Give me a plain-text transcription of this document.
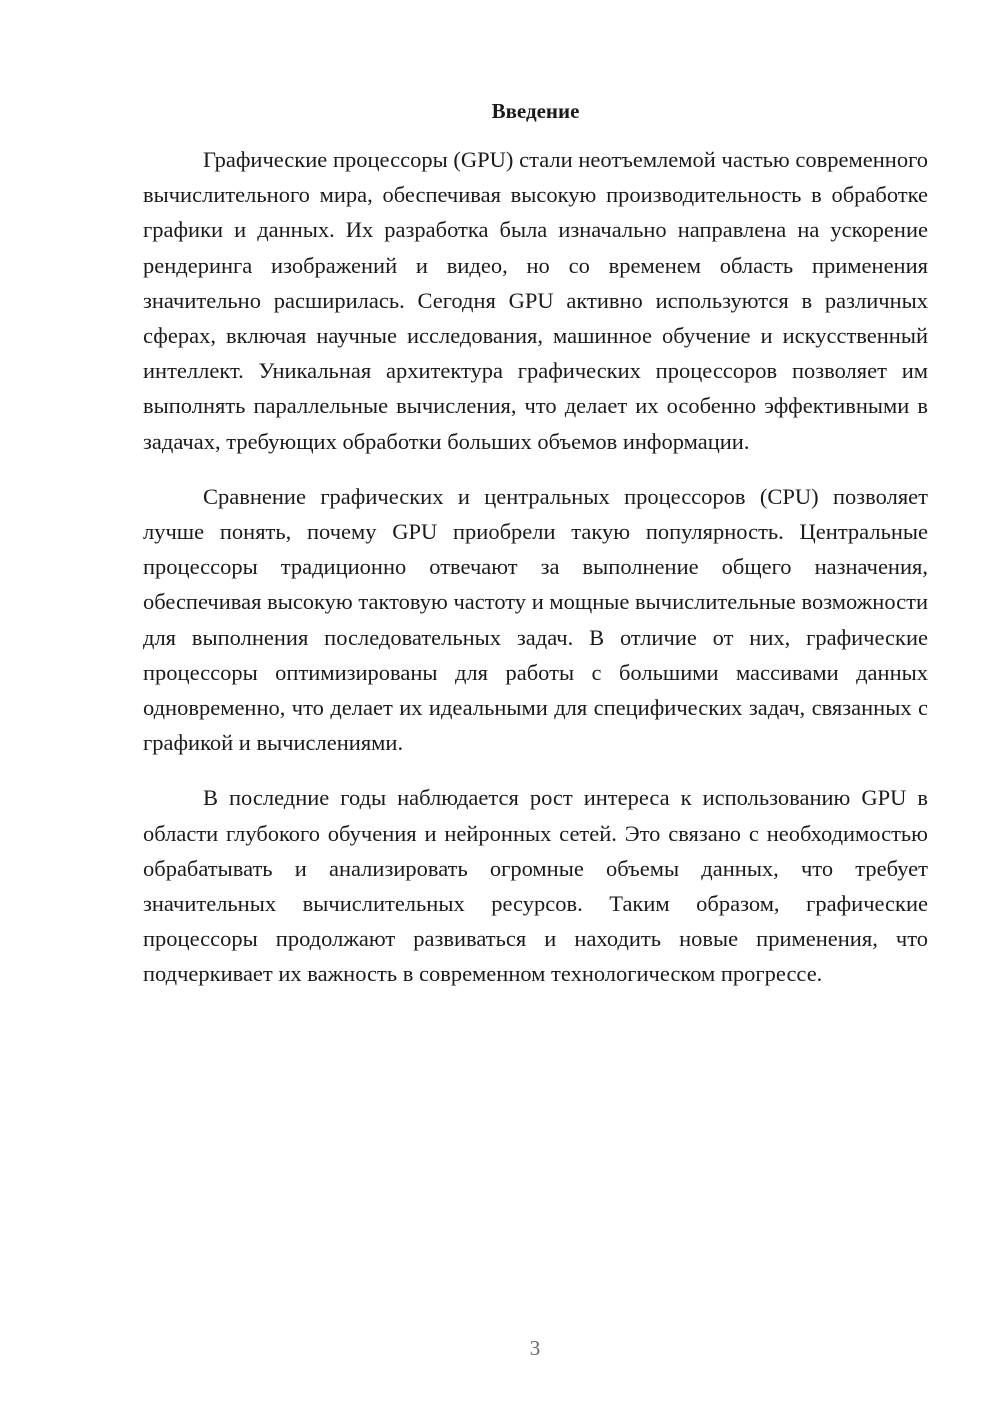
Введение

Графические процессоры (GPU) стали неотъемлемой частью современного вычислительного мира, обеспечивая высокую производительность в обработке графики и данных. Их разработка была изначально направлена на ускорение рендеринга изображений и видео, но со временем область применения значительно расширилась. Сегодня GPU активно используются в различных сферах, включая научные исследования, машинное обучение и искусственный интеллект. Уникальная архитектура графических процессоров позволяет им выполнять параллельные вычисления, что делает их особенно эффективными в задачах, требующих обработки больших объемов информации.

Сравнение графических и центральных процессоров (CPU) позволяет лучше понять, почему GPU приобрели такую популярность. Центральные процессоры традиционно отвечают за выполнение общего назначения, обеспечивая высокую тактовую частоту и мощные вычислительные возможности для выполнения последовательных задач. В отличие от них, графические процессоры оптимизированы для работы с большими массивами данных одновременно, что делает их идеальными для специфических задач, связанных с графикой и вычислениями.

В последние годы наблюдается рост интереса к использованию GPU в области глубокого обучения и нейронных сетей. Это связано с необходимостью обрабатывать и анализировать огромные объемы данных, что требует значительных вычислительных ресурсов. Таким образом, графические процессоры продолжают развиваться и находить новые применения, что подчеркивает их важность в современном технологическом прогрессе.

3
